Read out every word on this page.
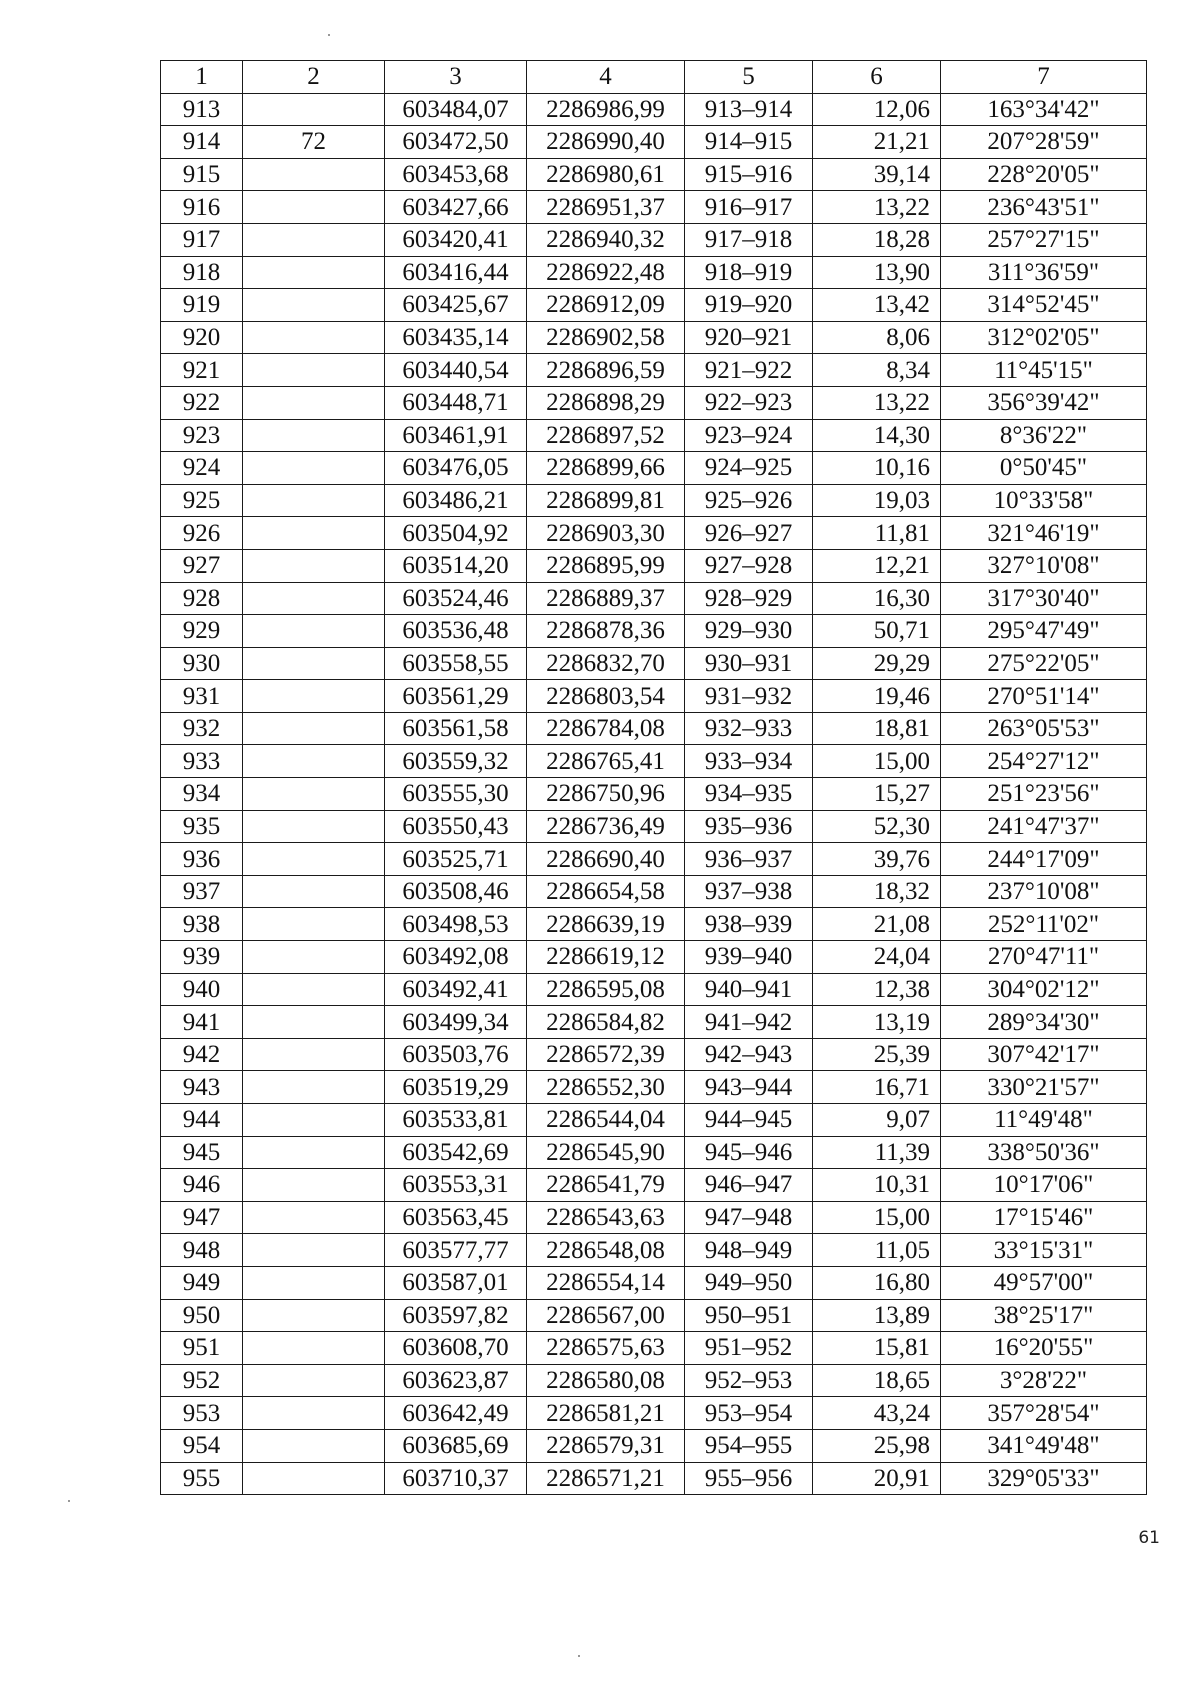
1	2	3	4	5	6	7
913		603484,07	2286986,99	913–914	12,06	163°34'42"
914	72	603472,50	2286990,40	914–915	21,21	207°28'59"
915		603453,68	2286980,61	915–916	39,14	228°20'05"
916		603427,66	2286951,37	916–917	13,22	236°43'51"
917		603420,41	2286940,32	917–918	18,28	257°27'15"
918		603416,44	2286922,48	918–919	13,90	311°36'59"
919		603425,67	2286912,09	919–920	13,42	314°52'45"
920		603435,14	2286902,58	920–921	8,06	312°02'05"
921		603440,54	2286896,59	921–922	8,34	11°45'15"
922		603448,71	2286898,29	922–923	13,22	356°39'42"
923		603461,91	2286897,52	923–924	14,30	8°36'22"
924		603476,05	2286899,66	924–925	10,16	0°50'45"
925		603486,21	2286899,81	925–926	19,03	10°33'58"
926		603504,92	2286903,30	926–927	11,81	321°46'19"
927		603514,20	2286895,99	927–928	12,21	327°10'08"
928		603524,46	2286889,37	928–929	16,30	317°30'40"
929		603536,48	2286878,36	929–930	50,71	295°47'49"
930		603558,55	2286832,70	930–931	29,29	275°22'05"
931		603561,29	2286803,54	931–932	19,46	270°51'14"
932		603561,58	2286784,08	932–933	18,81	263°05'53"
933		603559,32	2286765,41	933–934	15,00	254°27'12"
934		603555,30	2286750,96	934–935	15,27	251°23'56"
935		603550,43	2286736,49	935–936	52,30	241°47'37"
936		603525,71	2286690,40	936–937	39,76	244°17'09"
937		603508,46	2286654,58	937–938	18,32	237°10'08"
938		603498,53	2286639,19	938–939	21,08	252°11'02"
939		603492,08	2286619,12	939–940	24,04	270°47'11"
940		603492,41	2286595,08	940–941	12,38	304°02'12"
941		603499,34	2286584,82	941–942	13,19	289°34'30"
942		603503,76	2286572,39	942–943	25,39	307°42'17"
943		603519,29	2286552,30	943–944	16,71	330°21'57"
944		603533,81	2286544,04	944–945	9,07	11°49'48"
945		603542,69	2286545,90	945–946	11,39	338°50'36"
946		603553,31	2286541,79	946–947	10,31	10°17'06"
947		603563,45	2286543,63	947–948	15,00	17°15'46"
948		603577,77	2286548,08	948–949	11,05	33°15'31"
949		603587,01	2286554,14	949–950	16,80	49°57'00"
950		603597,82	2286567,00	950–951	13,89	38°25'17"
951		603608,70	2286575,63	951–952	15,81	16°20'55"
952		603623,87	2286580,08	952–953	18,65	3°28'22"
953		603642,49	2286581,21	953–954	43,24	357°28'54"
954		603685,69	2286579,31	954–955	25,98	341°49'48"
955		603710,37	2286571,21	955–956	20,91	329°05'33"
61
